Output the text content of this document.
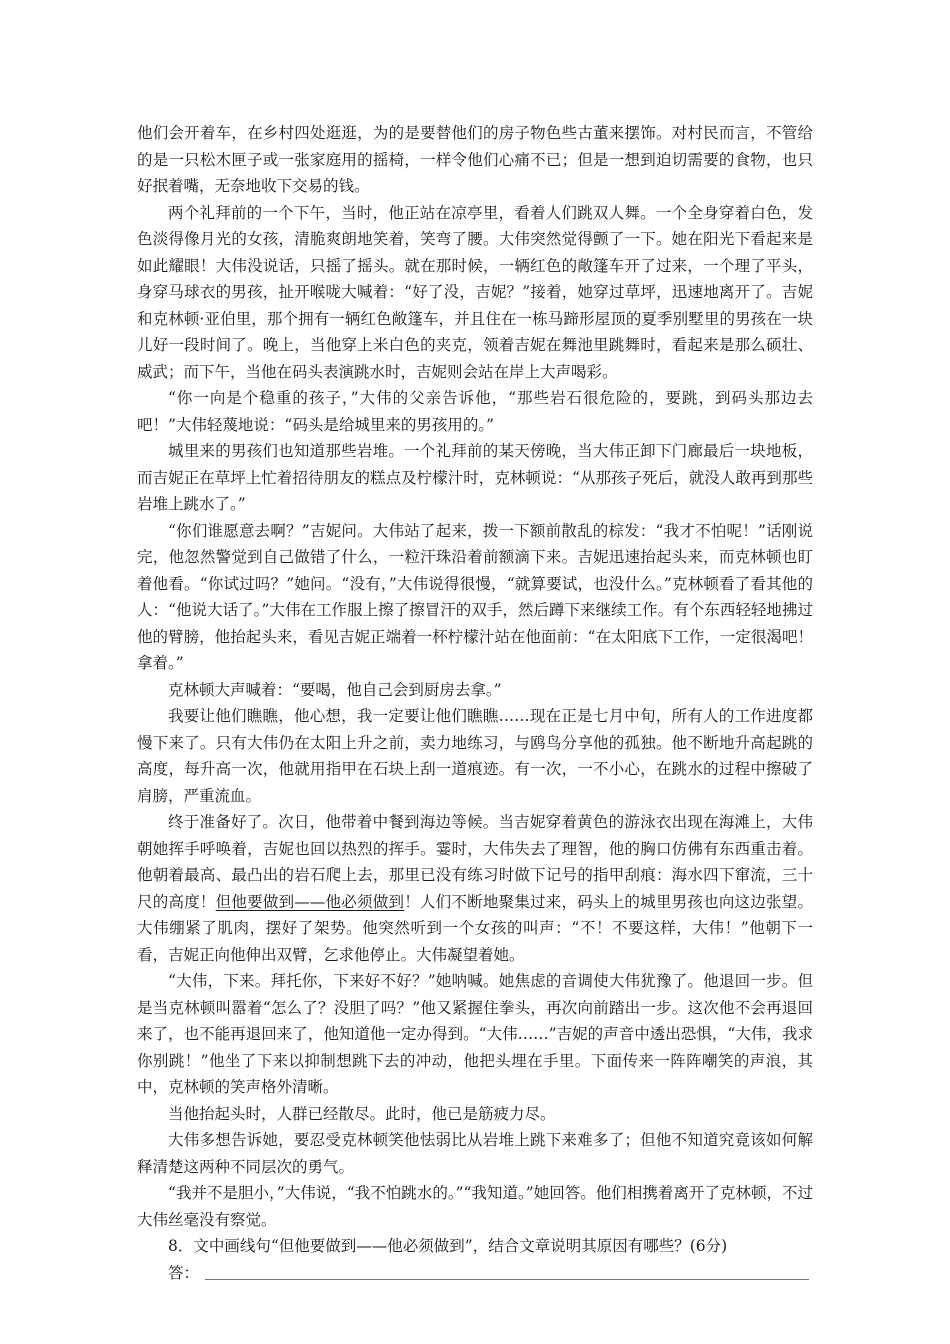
他们会开着车，在乡村四处逛逛，为的是要替他们的房子物色些古董来摆饰。对村民而言，不管给的是一只松木匣子或一张家庭用的摇椅，一样令他们心痛不已；但是一想到迫切需要的食物，也只好抿着嘴，无奈地收下交易的钱。

两个礼拜前的一个下午，当时，他正站在凉亭里，看着人们跳双人舞。一个全身穿着白色，发色淡得像月光的女孩，清脆爽朗地笑着，笑弯了腰。大伟突然觉得颤了一下。她在阳光下看起来是如此耀眼！大伟没说话，只摇了摇头。就在那时候，一辆红色的敞篷车开了过来，一个理了平头，身穿马球衣的男孩，扯开喉咙大喊着：“好了没，吉妮？”接着，她穿过草坪，迅速地离开了。吉妮和克林顿·亚伯里，那个拥有一辆红色敞篷车，并且住在一栋马蹄形屋顶的夏季别墅里的男孩在一块儿好一段时间了。晚上，当他穿上米白色的夹克，领着吉妮在舞池里跳舞时，看起来是那么硕壮、威武；而下午，当他在码头表演跳水时，吉妮则会站在岸上大声喝彩。

“你一向是个稳重的孩子，”大伟的父亲告诉他，“那些岩石很危险的，要跳，到码头那边去吧！”大伟轻蔑地说：“码头是给城里来的男孩用的。”

城里来的男孩们也知道那些岩堆。一个礼拜前的某天傍晚，当大伟正卸下门廊最后一块地板，而吉妮正在草坪上忙着招待朋友的糕点及柠檬汁时，克林顿说：“从那孩子死后，就没人敢再到那些岩堆上跳水了。”

“你们谁愿意去啊？”吉妮问。大伟站了起来，拨一下额前散乱的棕发：“我才不怕呢！”话刚说完，他忽然警觉到自己做错了什么，一粒汗珠沿着前额滴下来。吉妮迅速抬起头来，而克林顿也盯着他看。“你试过吗？”她问。“没有，”大伟说得很慢，“就算要试，也没什么。”克林顿看了看其他的人：“他说大话了。”大伟在工作服上擦了擦冒汗的双手，然后蹲下来继续工作。有个东西轻轻地拂过他的臂膀，他抬起头来，看见吉妮正端着一杯柠檬汁站在他面前：“在太阳底下工作，一定很渴吧！拿着。”

克林顿大声喊着：“要喝，他自己会到厨房去拿。”

我要让他们瞧瞧，他心想，我一定要让他们瞧瞧……现在正是七月中旬，所有人的工作进度都慢下来了。只有大伟仍在太阳上升之前，卖力地练习，与鸥鸟分享他的孤独。他不断地升高起跳的高度，每升高一次，他就用指甲在石块上刮一道痕迹。有一次，一不小心，在跳水的过程中擦破了肩膀，严重流血。

终于准备好了。次日，他带着中餐到海边等候。当吉妮穿着黄色的游泳衣出现在海滩上，大伟朝她挥手呼唤着，吉妮也回以热烈的挥手。霎时，大伟失去了理智，他的胸口仿佛有东西重击着。他朝着最高、最凸出的岩石爬上去，那里已没有练习时做下记号的指甲刮痕：海水四下窜流，三十尺的高度！但他要做到——他必须做到！人们不断地聚集过来，码头上的城里男孩也向这边张望。大伟绷紧了肌肉，摆好了架势。他突然听到一个女孩的叫声：“不！不要这样，大伟！”他朝下一看，吉妮正向他伸出双臂，乞求他停止。大伟凝望着她。

“大伟，下来。拜托你，下来好不好？”她呐喊。她焦虑的音调使大伟犹豫了。他退回一步。但是当克林顿叫嚣着“怎么了？没胆了吗？”他又紧握住拳头，再次向前踏出一步。这次他不会再退回来了，也不能再退回来了，他知道他一定办得到。“大伟……”吉妮的声音中透出恐惧，“大伟，我求你别跳！”他坐了下来以抑制想跳下去的冲动，他把头埋在手里。下面传来一阵阵嘲笑的声浪，其中，克林顿的笑声格外清晰。

当他抬起头时，人群已经散尽。此时，他已是筋疲力尽。

大伟多想告诉她，要忍受克林顿笑他怯弱比从岩堆上跳下来难多了；但他不知道究竟该如何解释清楚这两种不同层次的勇气。

“我并不是胆小，”大伟说，“我不怕跳水的。”“我知道。”她回答。他们相携着离开了克林顿，不过大伟丝毫没有察觉。

8．文中画线句“但他要做到——他必须做到”，结合文章说明其原因有哪些？(6分)

答：
